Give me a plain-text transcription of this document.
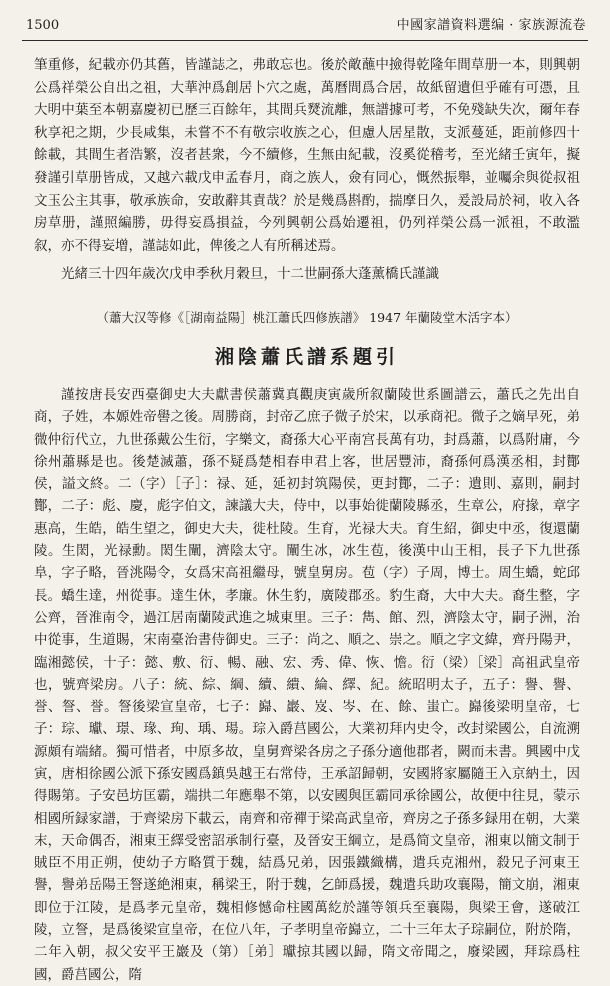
1500	中國家譜資料選编 · 家族源流卷

筆重修，紀載亦仍其舊，皆謹誌之，弗敢忘也。後於敵蘸中撿得乾隆年間草册一本，則興朝公爲祥榮公自出之祖，大華沖爲創居卜穴之處，萬曆間爲合居，故紙留遺但乎確有可憑，且大明中葉至本朝嘉慶初已歷三百餘年，其間兵燹流離，無譜據可考，不免殘缺失次，爾年春秋享祀之期，少長咸集，未嘗不不有敬宗收族之心，但慮人居星散，支派蔓延，距前修四十餘載，其間生者浩繁，沒者甚衆，今不續修，生無由紀載，沒奚從稽考，至光緒壬寅年，擬發謹引草册皆成，又越六載戊申孟春月，商之族人，僉有同心，慨然振舉，並囑余與從叔祖文玉公主其事，敬承族命，安敢辭其責哉？於是幾爲斟酌，揣摩日久，爰設局於祠，收入各房草册，謹照編勝，毋得妄爲損益，今列興朝公爲始遷祖，仍列祥榮公爲一派祖，不敢濫叙，亦不得妄增，謹誌如此，俾後之人有所稱述焉。

光緒三十四年歲次戊申季秋月穀旦，十二世嗣孫大蓬薰橋氏謹識

（蕭大汉等修《［湖南益陽］桃江蕭氏四修族譜》 1947 年蘭陵堂木活字本）

湘陰蕭氏譜系題引

謹按唐長安西臺御史大夫獻書侯蕭冀真觀庚寅歲所叙蘭陵世系圖譜云，蕭氏之先出自商，子姓，本嫄姓帝嚳之後。周勝商，封帝乙庶子微子於宋，以承商祀。微子之嫡早死，弟微仲衍代立，九世孫戴公生衍，字樂文，裔孫大心平南宫長萬有功，封爲蕭，以爲附庸，今徐州蕭縣是也。後楚滅蕭，孫不疑爲楚相春申君上客，世居豐沛，裔孫何爲漢丞相，封酇侯，謚文終。二（字）［子］：禄、延，延初封筑陽侯，更封酇，二子：遺則、嘉則，嗣封酇，二子：彪、慶，彪字伯文，諫議大夫，侍中，以事始徙蘭陵縣丞，生章公，府掾，章字惠高，生皓，皓生望之，御史大夫，徙杜陵。生育，光禄大夫。育生紹，御史中丞，復還蘭陵。生閎，光禄勳。閎生闡，濟陰太守。闡生冰，冰生苞，後漢中山王相，長子下九世孫阜，字子略，晉洮陽令，女爲宋高祖繼母，號皇舅房。苞（字）子周，博士。周生蟜，蛇邱長。蟜生達，州從事。達生休，孝廉。休生豹，廣陵郡丞。豹生裔，大中大夫。裔生整，字公齊，晉淮南令，過江居南蘭陵武進之城東里。三子：雋、館、烈，濟陰太守，嗣子洲，治中從事，生道賜，宋南臺治書侍御史。三子：尚之、順之、崇之。順之字文緯，齊丹陽尹，臨湘懿侯，十子：懿、敷、衍、暢、融、宏、秀、偉、恢、憺。衍（梁）［梁］高祖武皇帝也，號齊梁房。八子：統、綜、綱、續、繢、綸、繹、紀。統昭明太子，五子：譽、譽、誉、詧、誉。詧後梁宣皇帝，七子：巋、巖、岌、岑、在、餘、蚩亡。巋後梁明皇帝，七子：琮、瓛、璟、瑑、珣、瑀、瑒。琮入爵莒國公，大業初拜内史令，改封梁國公，自流溯源頗有端緒。獨可惜者，中原多故，皇舅齊梁各房之子孫分適他郡者，闕而未書。興國中戊寅，唐相徐國公派下孫安國爲鎮吳越王右常侍，王承詔歸朝，安國將家屬隨王入京納土，因得賜第。子安邑坊匡霸，端拱二年應舉不第，以安國與匡霸同承徐國公，故便中往見，蒙示相國所録家譜，于齊梁房下載云，南齊和帝禪于梁高武皇帝，齊房之子孫多録用在朝，大業末，天命偶否，湘東王繹受密詔承制行臺，及晉安王綱立，是爲简文皇帝，湘東以簡文制于賊臣不用正朔，使幼子方略質于魏，結爲兄弟，因張鐵織構，遣兵克湘州，殺兄子河東王譽，譽弟岳陽王詧遂絶湘東，稱梁王，附于魏，乞師爲援，魏遣兵助攻襄陽，簡文崩，湘東即位于江陵，是爲孝元皇帝，魏相修憾命柱國萬紇於謹等領兵至襄陽，與梁王會，遂破江陵，立詧，是爲後梁宣皇帝，在位八年，子孝明皇帝巋立，二十三年太子琮嗣位，附於隋，二年入朝，叔父安平王巖及（第）［弟］瓛掠其國以歸，隋文帝聞之，廢梁國，拜琮爲柱國，爵莒國公，隋
